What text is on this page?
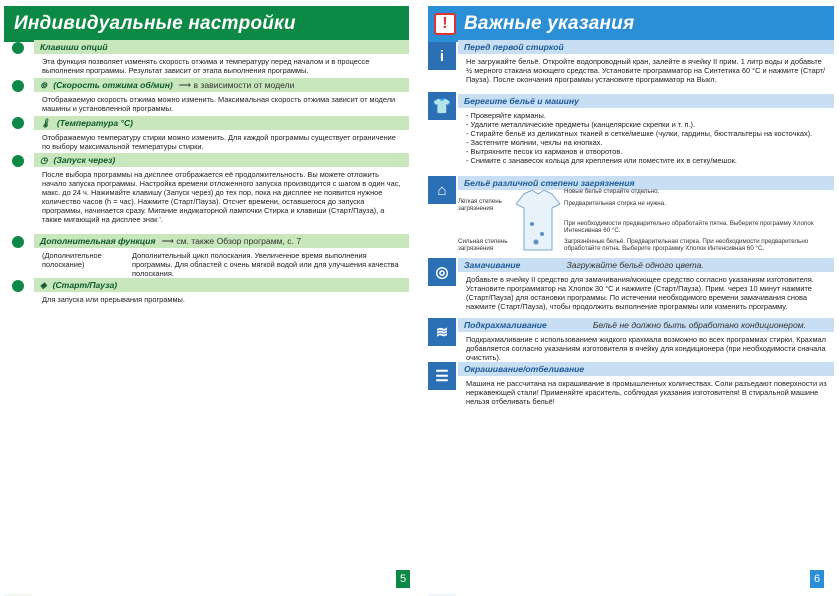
Индивидуальные настройки
Клавиши опций
Эта функция позволяет изменять скорость отжима и температуру перед началом и в процессе выполнения программы. Результат зависит от этапа выполнения программы.
⊚ (Скорость отжима об/мин) ⟶ в зависимости от модели
Отображаемую скорость отжима можно изменить. Максимальная скорость отжима зависит от модели машины и установленной программы.
🌡 (Температура °C)
Отображаемую температуру стирки можно изменить. Для каждой программы существует ограничение по выбору максимальной температуры стирки.
◷ (Запуск через)
После выбора программы на дисплее отображается её продолжительность. Вы можете отложить начало запуска программы. Настройка времени отложенного запуска производится с шагом в один час, макс. до 24 ч. Нажимайте клавишу (Запуск через) до тех пор, пока на дисплее не появится нужное количество часов (h = час). Нажмите (Старт/Пауза). Отсчет времени, оставшегося до запуска программы, начинается сразу. Мигание индикаторной лампочки Стирка и клавиши (Старт/Пауза), а также мигающий на дисплее знак '.
Дополнительная функция ⟶ см. также Обзор программ, с. 7
(Дополнительное полоскание)
Дополнительный цикл полоскания. Увеличенное время выполнения программы. Для областей с очень мягкой водой или для улучшения качества полоскания.
◈ (Старт/Пауза)
Для запуска или прерывания программы.
5
! Важные указания
Перед первой стиркой
Не загружайте бельё. Откройте водопроводный кран, залейте в ячейку II прим. 1 литр воды и добавьте ½ мерного стакана моющего средства. Установите программатор на Синтетика 60 °C и нажмите (Старт/Пауза). После окончания программы установите программатор на Выкл.
Берегите бельё и машину
- Проверяйте карманы.
- Удалите металлические предметы (канцелярские скрепки и т. п.).
- Стирайте бельё из деликатных тканей в сетке/мешке (чулки, гардины, бюстгальтеры на косточках).
- Застегните молнии, чехлы на кнопках.
- Вытряхните песок из карманов и отворотов.
- Снимите с занавесок кольца для крепления или поместите их в сетку/мешок.
Бельё различной степени загрязнения
Замачивание	Загружайте бельё одного цвета.
Добавьте в ячейку II средство для замачивания/моющее средство согласно указаниям изготовителя. Установите программатор на Хлопок 30 °C и нажмите (Старт/Пауза). Прим. через 10 минут нажмите (Старт/Пауза) для остановки программы. По истечении необходимого времени замачивания снова нажмите (Старт/Пауза), чтобы продолжить выполнение программы или изменить программу.
Подкрахмаливание	Бельё не должно быть обработано кондиционером.
Подкрахмаливание с использованием жидкого крахмала возможно во всех программах стирки. Крахмал добавляется согласно указаниям изготовителя в ячейку для кондиционера (при необходимости сначала очистить).
Окрашивание/отбеливание
Машина не рассчитана на окрашивание в промышленных количествах. Соли разъедают поверхности из нержавеющей стали! Применяйте краситель, соблюдая указания изготовителя! В стиральной машине нельзя отбеливать бельё!
i
👕
⌂
◎
≋
☰
Лёгкая степень загрязнения
Сильная степень загрязнения
Новые бельё стирайте отдельно.
Предварительная стирка не нужна.
При необходимости предварительно обработайте пятна. Выберите программу Хлопок Интенсивная 60 °C.
Загрязнённые бельё. Предварительная стирка. При необходимости предварительно обработайте пятна. Выберите программу Хлопок Интенсивная 60 °C.
6
